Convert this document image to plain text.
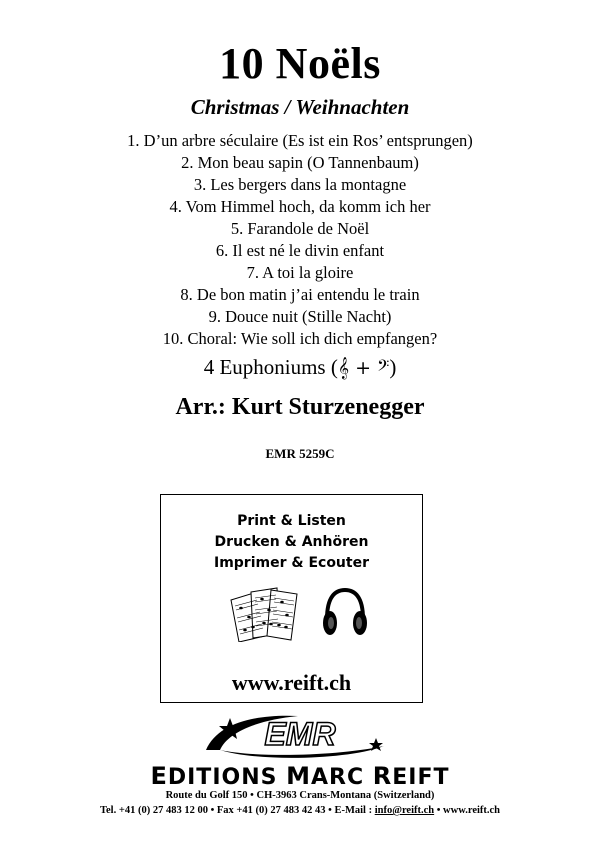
10 Noëls
Christmas / Weihnachten
1. D’un arbre séculaire (Es ist ein Ros’ entsprungen)
2. Mon beau sapin (O Tannenbaum)
3. Les bergers dans la montagne
4. Vom Himmel hoch, da komm ich her
5. Farandole de Noël
6. Il est né le divin enfant
7. A toi la gloire
8. De bon matin j’ai entendu le train
9. Douce nuit (Stille Nacht)
10. Choral: Wie soll ich dich empfangen?
4 Euphoniums (𝄞 + 𝄢)
Arr.: Kurt Sturzenegger
EMR 5259C
Print & Listen
Drucken & Anhören
Imprimer & Ecouter
www.reift.ch
EMR
EDITIONS MARC REIFT
Route du Golf 150 • CH-3963 Crans-Montana (Switzerland)
Tel. +41 (0) 27 483 12 00 • Fax +41 (0) 27 483 42 43 • E-Mail : info@reift.ch • www.reift.ch
